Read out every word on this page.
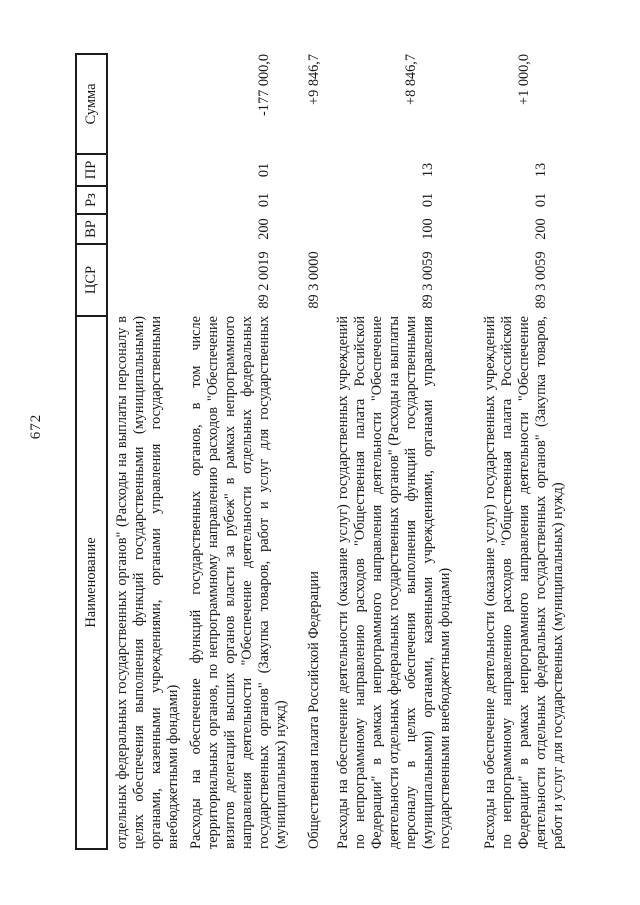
672
Наименование	ЦСР	ВР	Рз	ПР	Сумма
отдельных федеральных государственных органов" (Расходы на выплаты персоналу в целях обеспечения выполнения функций государственными (муниципальными) органами, казенными учреждениями, органами управления государственными внебюджетными фондами)					
Расходы на обеспечение функций государственных органов, в том числе территориальных органов, по непрограммному направлению расходов "Обеспечение визитов делегаций высших органов власти за рубеж" в рамках непрограммного направления деятельности "Обеспечение деятельности отдельных федеральных государственных органов" (Закупка товаров, работ и услуг для государственных (муниципальных) нужд)	89 2 0019	200	01	01	-177 000,0
Общественная палата Российской Федерации	89 3 0000				+9 846,7
Расходы на обеспечение деятельности (оказание услуг) государственных учреждений по непрограммному направлению расходов "Общественная палата Российской Федерации" в рамках непрограммного направления деятельности "Обеспечение деятельности отдельных федеральных государственных органов" (Расходы на выплаты персоналу в целях обеспечения выполнения функций государственными (муниципальными) органами, казенными учреждениями, органами управления государственными внебюджетными фондами)	89 3 0059	100	01	13	+8 846,7
Расходы на обеспечение деятельности (оказание услуг) государственных учреждений по непрограммному направлению расходов "Общественная палата Российской Федерации" в рамках непрограммного направления деятельности "Обеспечение деятельности отдельных федеральных государственных органов" (Закупка товаров, работ и услуг для государственных (муниципальных) нужд)	89 3 0059	200	01	13	+1 000,0
